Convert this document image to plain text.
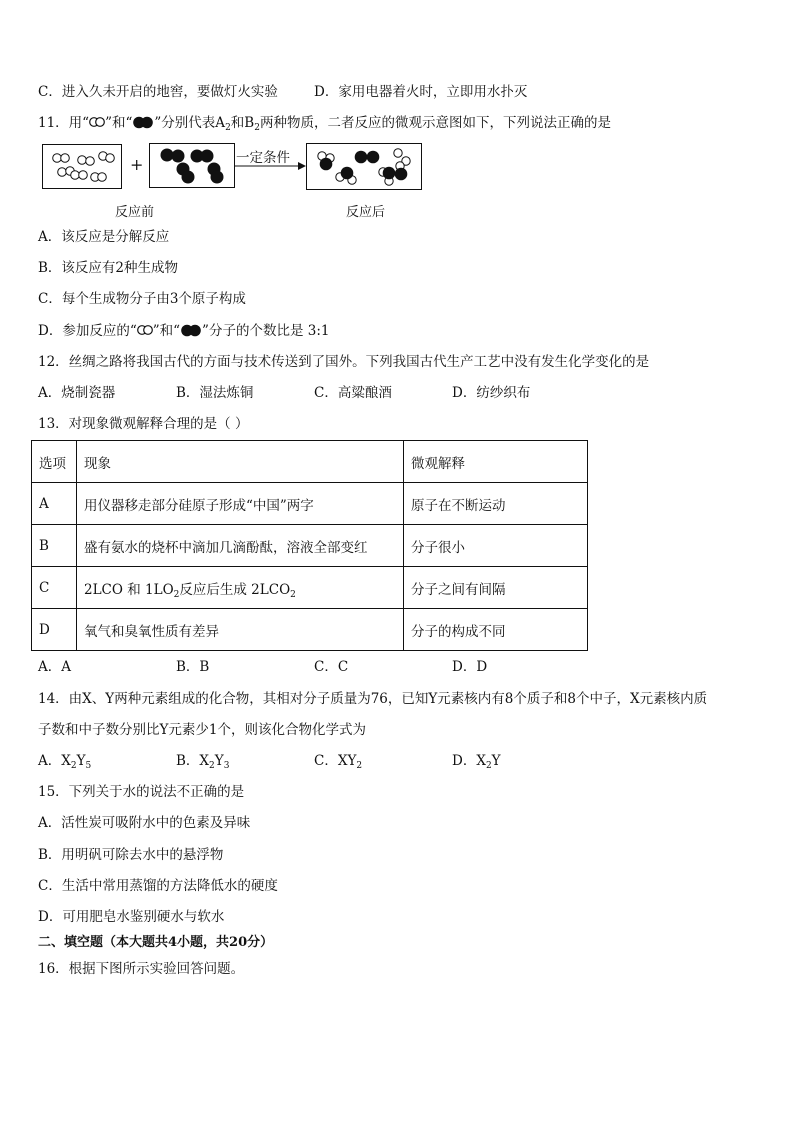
C．进入久未开启的地窖，要做灯火实验	D．家用电器着火时，立即用水扑灭
11．用“ ”和“ ”分别代表$A_2$和$B_2$两种物质，二者反应的微观示意图如下，下列说法正确的是
+	一定条件
反应前	反应后
A．该反应是分解反应
B．该反应有2种生成物
C．每个生成物分子由3个原子构成
D．参加反应的“ ”和“ ”分子的个数比是 3:1
12．丝绸之路将我国古代的方面与技术传送到了国外。下列我国古代生产工艺中没有发生化学变化的是
A．烧制瓷器	B．湿法炼铜	C．高粱酿酒	D．纺纱织布
13．对现象微观解释合理的是（ ）
选项	现象	微观解释
A	用仪器移走部分硅原子形成“中国”两字	原子在不断运动
B	盛有氨水的烧杯中滴加几滴酚酞，溶液全部变红	分子很小
C	2LCO 和 $1LO_2$反应后生成 $2LCO_2$	分子之间有间隔
D	氧气和臭氧性质有差异	分子的构成不同
A．A	B．B	C．C	D．D
14．由X、Y两种元素组成的化合物，其相对分子质量为76，已知Y元素核内有8个质子和8个中子，X元素核内质
子数和中子数分别比Y元素少1个，则该化合物化学式为
A．$X_2Y_5$	B．$X_2Y_3$	C．$XY_2$	D．$X_2Y$
15．下列关于水的说法不正确的是
A．活性炭可吸附水中的色素及异味
B．用明矾可除去水中的悬浮物
C．生活中常用蒸馏的方法降低水的硬度
D．可用肥皂水鉴别硬水与软水
二、填空题（本大题共4小题，共20分）
16．根据下图所示实验回答问题。
